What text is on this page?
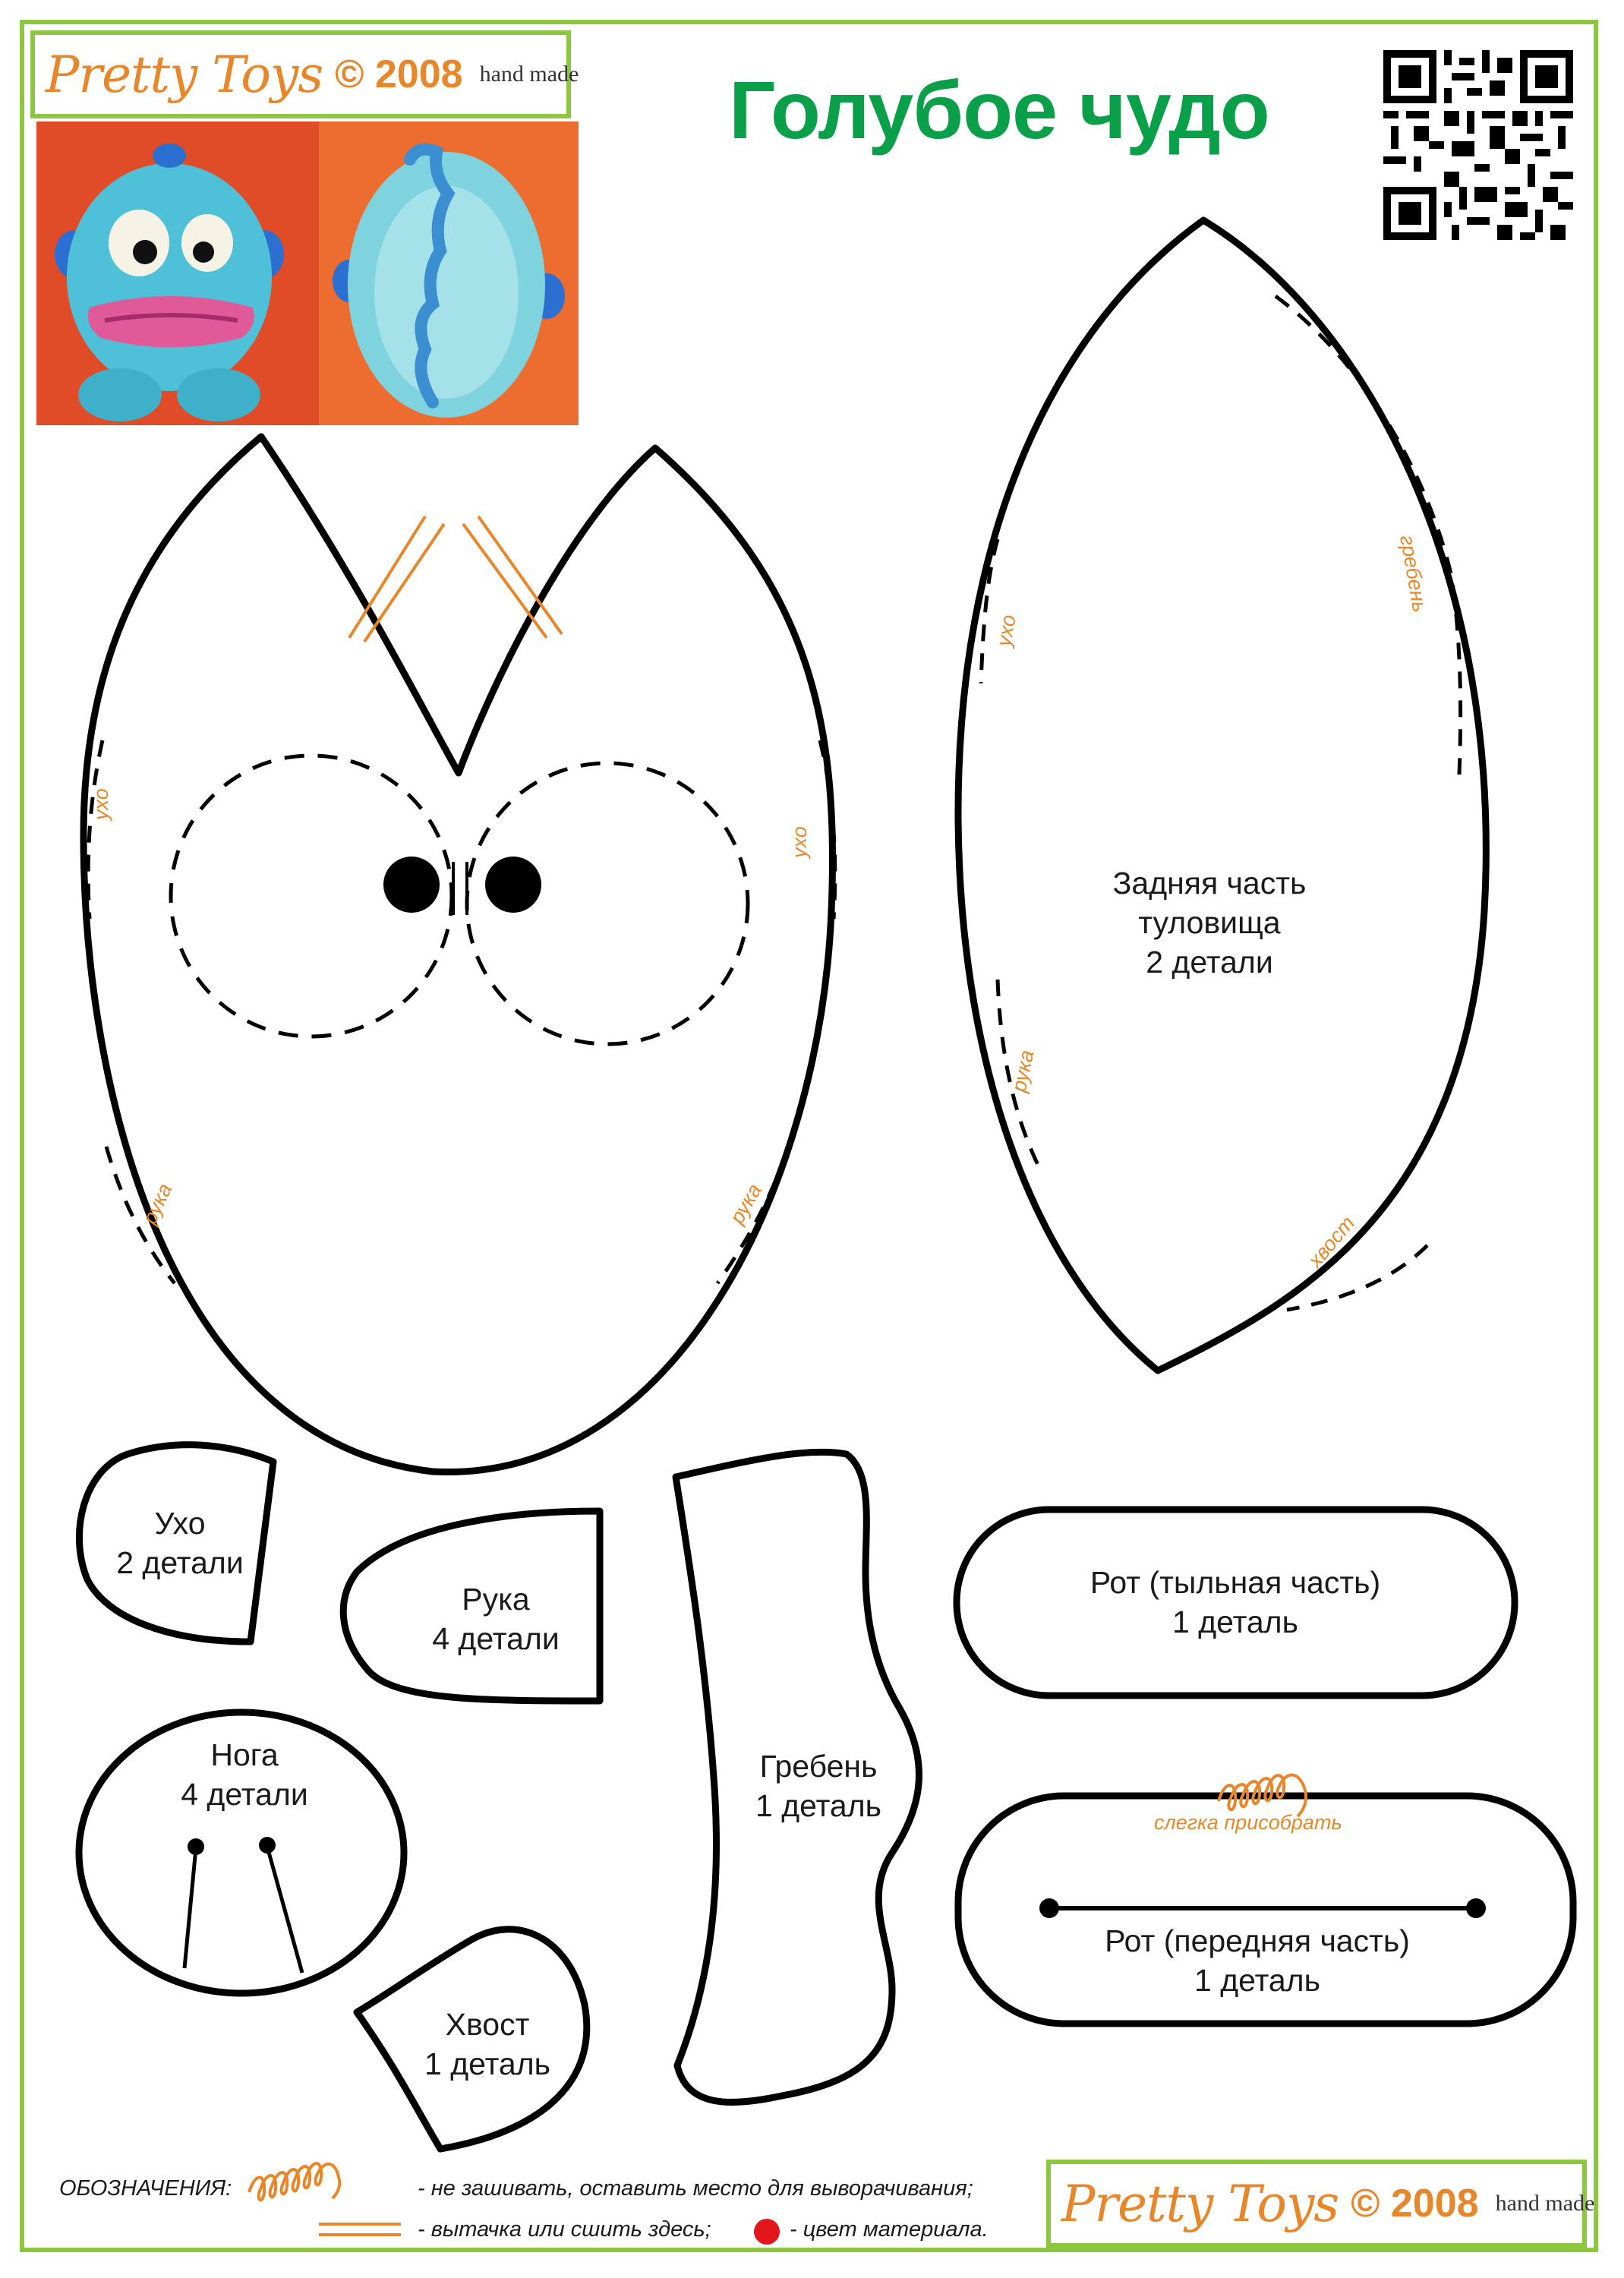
Pretty Toys © 2008 hand made Голубое чудо
ухо
ухо
рука	рука
ухо
гребень
рука
хвост
слегка присобрать
Задняя часть
туловища
2 детали
Ухо
2 детали
Рука
4 детали
Нога
4 детали
Хвост
1 деталь
Гребень
1 деталь
Рот (тыльная часть)
1 деталь
Рот (передняя часть)
1 деталь
ОБОЗНАЧЕНИЯ:	- не зашивать, оставить место для выворачивания;
- вытачка или сшить здесь;	- цвет материала. Pretty Toys © 2008 hand made
